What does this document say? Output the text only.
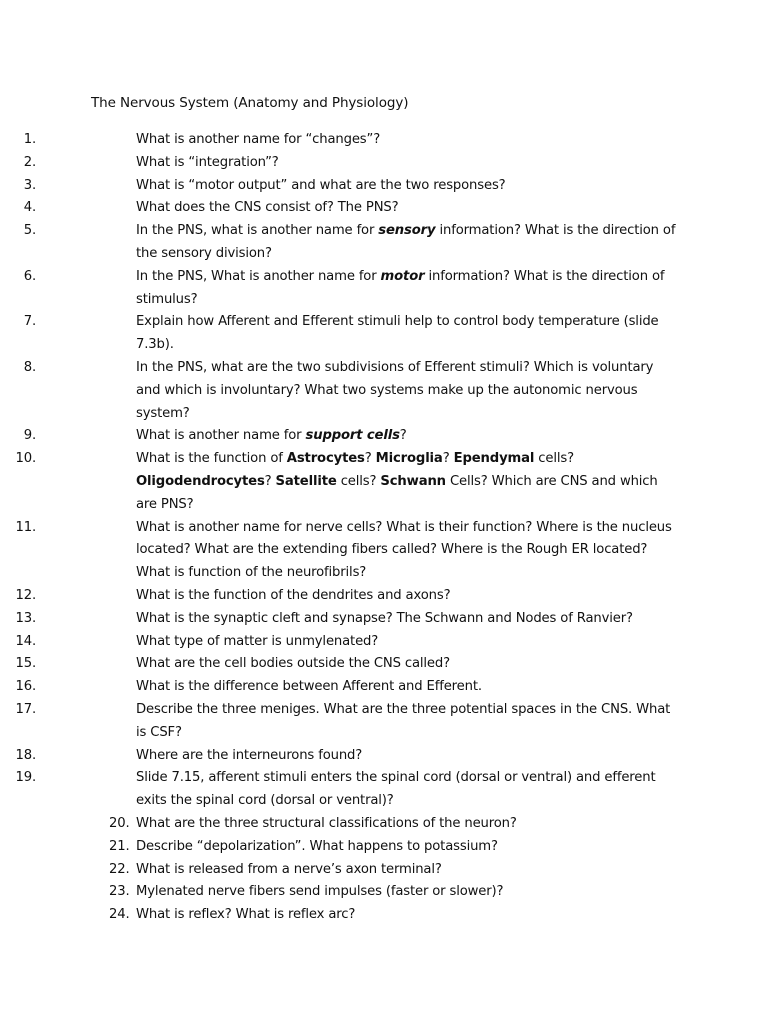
The Nervous System (Anatomy and Physiology)
1.	What is another name for “changes”?
2.	What is “integration”?
3.	What is “motor output” and what are the two responses?
4.	What does the CNS consist of? The PNS?
5.	In the PNS, what is another name for sensory information? What is the direction of the sensory division?
6.	In the PNS, What is another name for motor information? What is the direction of stimulus?
7.	Explain how Afferent and Efferent stimuli help to control body temperature (slide 7.3b).
8.	In the PNS, what are the two subdivisions of Efferent stimuli? Which is voluntary and which is involuntary? What two systems make up the autonomic nervous system?
9.	What is another name for support cells?
10.	What is the function of Astrocytes? Microglia? Ependymal cells? Oligodendrocytes? Satellite cells? Schwann Cells? Which are CNS and which are PNS?
11.	What is another name for nerve cells? What is their function? Where is the nucleus located? What are the extending fibers called? Where is the Rough ER located? What is function of the neurofibrils?
12.	What is the function of the dendrites and axons?
13.	What is the synaptic cleft and synapse? The Schwann and Nodes of Ranvier?
14.	What type of matter is unmylenated?
15.	What are the cell bodies outside the CNS called?
16.	What is the difference between Afferent and Efferent.
17.	Describe the three meniges. What are the three potential spaces in the CNS. What is CSF?
18.	Where are the interneurons found?
19.	Slide 7.15, afferent stimuli enters the spinal cord (dorsal or ventral) and efferent exits the spinal cord (dorsal or ventral)?
20. What are the three structural classifications of the neuron?
21. Describe “depolarization”. What happens to potassium?
22. What is released from a nerve’s axon terminal?
23. Mylenated nerve fibers send impulses (faster or slower)?
24. What is reflex? What is reflex arc?
